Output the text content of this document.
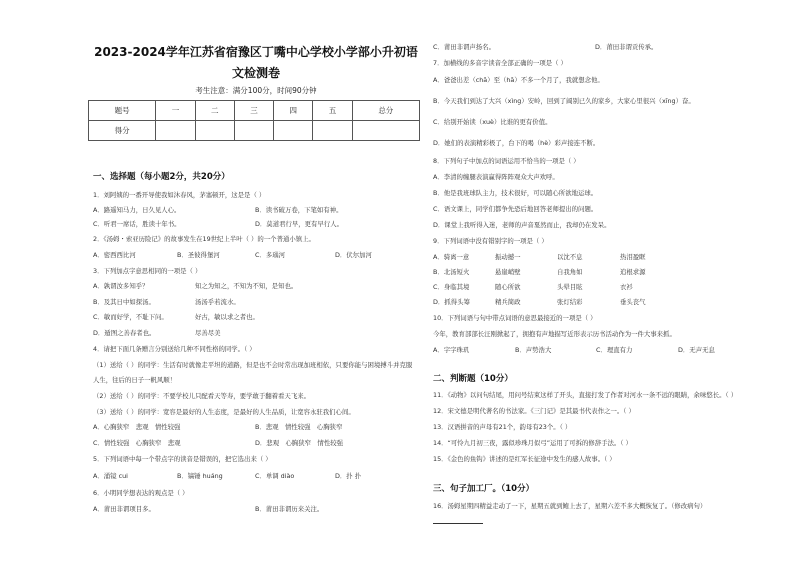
2023-2024学年江苏省宿豫区丁嘴中心学校小学部小升初语
文检测卷
考生注意：满分100分，时间90分钟
题号	一	二	三	四	五	总分
得分						
一、选择题（每小题2分，共20分）
1．刘阿姨的一番开导使我如沐春风，茅塞顿开，这是是（ ）
A．路遥知马力，日久见人心。	B．读书破万卷，下笔如有神。
C．听君一席话，胜读十年书。	D．莫道君行早，更有早行人。
2．《汤姆・索亚历险记》的故事发生在19世纪上半叶（ ）的一个普通小镇上。
A．密西西比河	B．圣彼得堡河	C．多瑙河	D．伏尔加河
3．下列加点字意思相同的一项是（ ）
A．孰谓汝多知乎？	知之为知之，不知为不知，是知也。
B．及其日中如探汤。	汤汤乎若流水。
C．敏而好学，不耻下问。	好古，敏以求之者也。
D．遁图之善春者也。	尽善尽美
4．请把下面几条赠言分别送给几种不同性格的同学。（ ）
（1）送给（ ）的同学：生活有时就像走平坦的道路，但是也不会时常出现加班相依，只要你能与困境搏斗并克服
人生，往后的日子一帆风顺！
（2）送给（ ）的同学：不要学校儿只配看天等寿，要学敢于翻着看天飞来。
（3）送给（ ）的同学：宽容是最好的人生态度，是最好的人生品质，让宽容永驻我们心间。
A．心胸狭窄　悲观　情性较强	B．悲观　情性较强　心胸狭窄
C．情性较强　心胸狭窄　悲观	D．悲观　心胸狭窄　情性较强
5．下列词语中每一个带点字的读音是错误的，把它选出来（ ）
A．涌镜 cui	B．镐锤 huáng	C．单调 diào	D．扑 扑
6．小明同学想表达的观点是（ ）
A．莆田非谓项目多。	B．莆田非谓历来关注。
C．莆田非谓声扬名。	D．莆田非谓贡传承。
7．加横线的多音字读音全部正确的一项是（ ）
A．爸爸出差（chā）至（hā）不多一个月了，我就想念他。
B．今天我们到达了大兴（xìng）安岭，回到了阔别已久的家乡，大家心里很兴（xīng）奋。
C．给别开始读（xuè）比谁的更有价值。
D．她们的表演精彩极了，台下的喝（hè）彩声接连不断。
8．下列句子中加点的词语运用不恰当的一项是（ ）
A．李清的缠腿表演赢得阵阵观众大声欢呼。
B．他是我班球队主力，技术很好，可以随心所欲地运球。
C．语文课上，同学们都争先恐后地回答老师提出的问题。
D．课堂上我听得入迷，老师的声音戛然而止，我却仍在发呆。
9．下列词语中没有错别字的一项是（ ）
A．骑离一意	振动撼一	以沈不息	热泪盈眶
B．北汤短火	悬崖峭壁	自我角如	追根求源
C．身临其境	随心所欲	头晕目眩	衣衫
D．抓得头筹	精兵简政	张灯结彩	垂头丧气
10．下列词语与句中带点词语的意思最接近的一项是（ ）
今年，教育部部长汪刚掀起了，拥抱有声地描写近形表示历书活动作为一件大事来抓。
A．字字珠玑	B．声势浩大	C．理直有力	D．无声无息
二、判断题（10分）
11．《动物》以问句结尾，用问号结束这样了开头，直接打发了作者对河水一条不远的眼睛，余味悠长。（ ）
12．宋文德是明代著名的书法家。《三门记》是其最书代表作之一。（ ）
13．汉语拼音的声母有21个，韵母有23个。（ ）
14．“可怜九月初三夜，露似珍珠月似弓”运用了可拆的修辞手法。（ ）
15．《金色的鱼钩》讲述的是红军长征途中发生的感人故事。（ ）
三、句子加工厂。（10分）
16．汤姆星期四精益走动了一下，星期五就到鲍上去了，星期六差不多大概恢复了。（修改病句）
